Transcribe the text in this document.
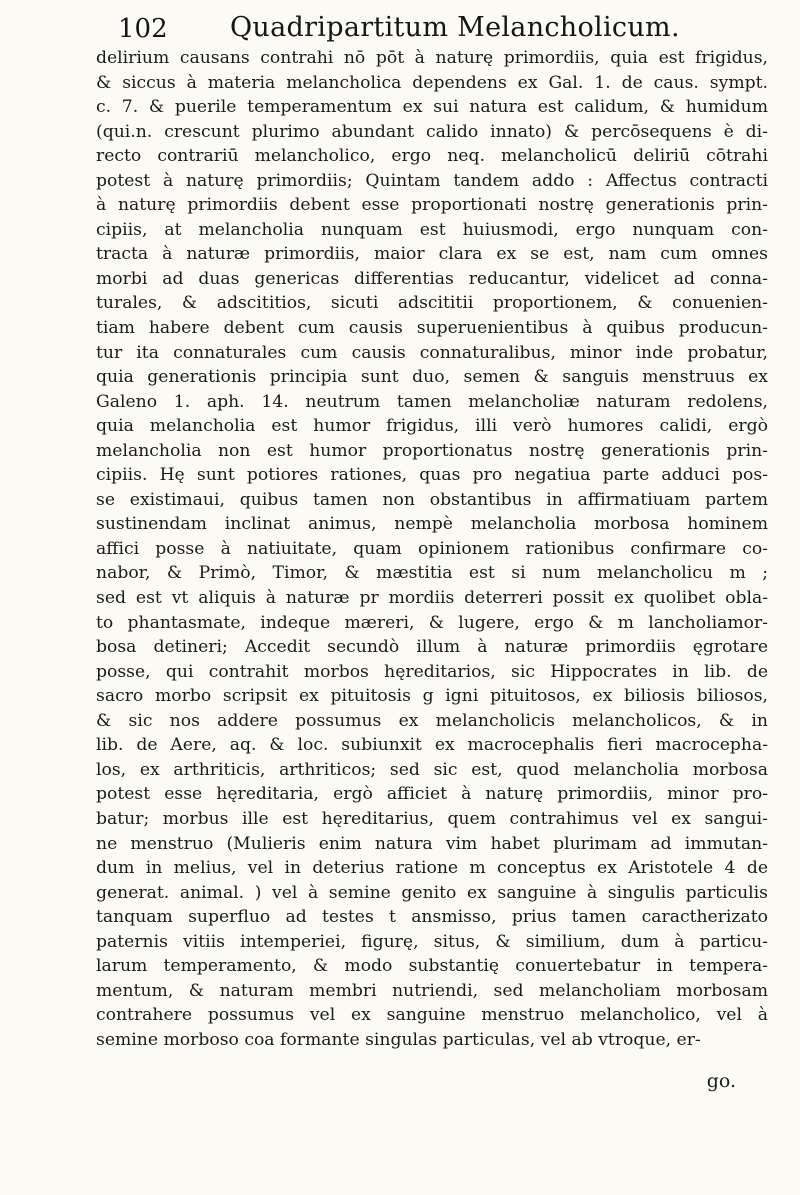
102 Quadripartitum Melancholicum.
delirium causans contrahi nō pōt à naturę primordiis, quia est frigidus,
& siccus à materia melancholica dependens ex Gal. 1. de caus. sympt.
c. 7. & puerile temperamentum ex sui natura est calidum, & humidum
(qui.n. crescunt plurimo abundant calido innato) & percōsequens è di-
recto contrariū melancholico, ergo neq. melancholicū deliriū cōtrahi
potest à naturę primordiis; Quintam tandem addo : Affectus contracti
à naturę primordiis debent esse proportionati nostrę generationis prin-
cipiis, at melancholia nunquam est huiusmodi, ergo nunquam con-
tracta à naturæ primordiis, maior clara ex se est, nam cum omnes
morbi ad duas genericas differentias reducantur, videlicet ad conna-
turales, & adscititios, sicuti adscititii proportionem, & conuenien-
tiam habere debent cum causis superuenientibus à quibus producun-
tur ita connaturales cum causis connaturalibus, minor inde probatur,
quia generationis principia sunt duo, semen & sanguis menstruus ex
Galeno 1. aph. 14. neutrum tamen melancholiæ naturam redolens,
quia melancholia est humor frigidus, illi verò humores calidi, ergò
melancholia non est humor proportionatus nostrę generationis prin-
cipiis. Hę sunt potiores rationes, quas pro negatiua parte adduci pos-
se existimaui, quibus tamen non obstantibus in affirmatiuam partem
sustinendam inclinat animus, nempè melancholia morbosa hominem
affici posse à natiuitate, quam opinionem rationibus confirmare co-
nabor, & Primò, Timor, & mæstitia est si num melancholicu m ;
sed est vt aliquis à naturæ pr mordiis deterreri possit ex quolibet obla-
to phantasmate, indeque mæreri, & lugere, ergo & m lancholiamor-
bosa detineri; Accedit secundò illum à naturæ primordiis ęgrotare
posse, qui contrahit morbos hęreditarios, sic Hippocrates in lib. de
sacro morbo scripsit ex pituitosis g igni pituitosos, ex biliosis biliosos,
& sic nos addere possumus ex melancholicis melancholicos, & in
lib. de Aere, aq. & loc. subiunxit ex macrocephalis fieri macrocepha-
los, ex arthriticis, arthriticos; sed sic est, quod melancholia morbosa
potest esse hęreditaria, ergò afficiet à naturę primordiis, minor pro-
batur; morbus ille est hęreditarius, quem contrahimus vel ex sangui-
ne menstruo (Mulieris enim natura vim habet plurimam ad immutan-
dum in melius, vel in deterius ratione m conceptus ex Aristotele 4 de
generat. animal. ) vel à semine genito ex sanguine à singulis particulis
tanquam superfluo ad testes t ansmisso, prius tamen caractherizato
paternis vitiis intemperiei, figurę, situs, & similium, dum à particu-
larum temperamento, & modo substantię conuertebatur in tempera-
mentum, & naturam membri nutriendi, sed melancholiam morbosam
contrahere possumus vel ex sanguine menstruo melancholico, vel à
semine morboso coa formante singulas particulas, vel ab vtroque, er-
go.
